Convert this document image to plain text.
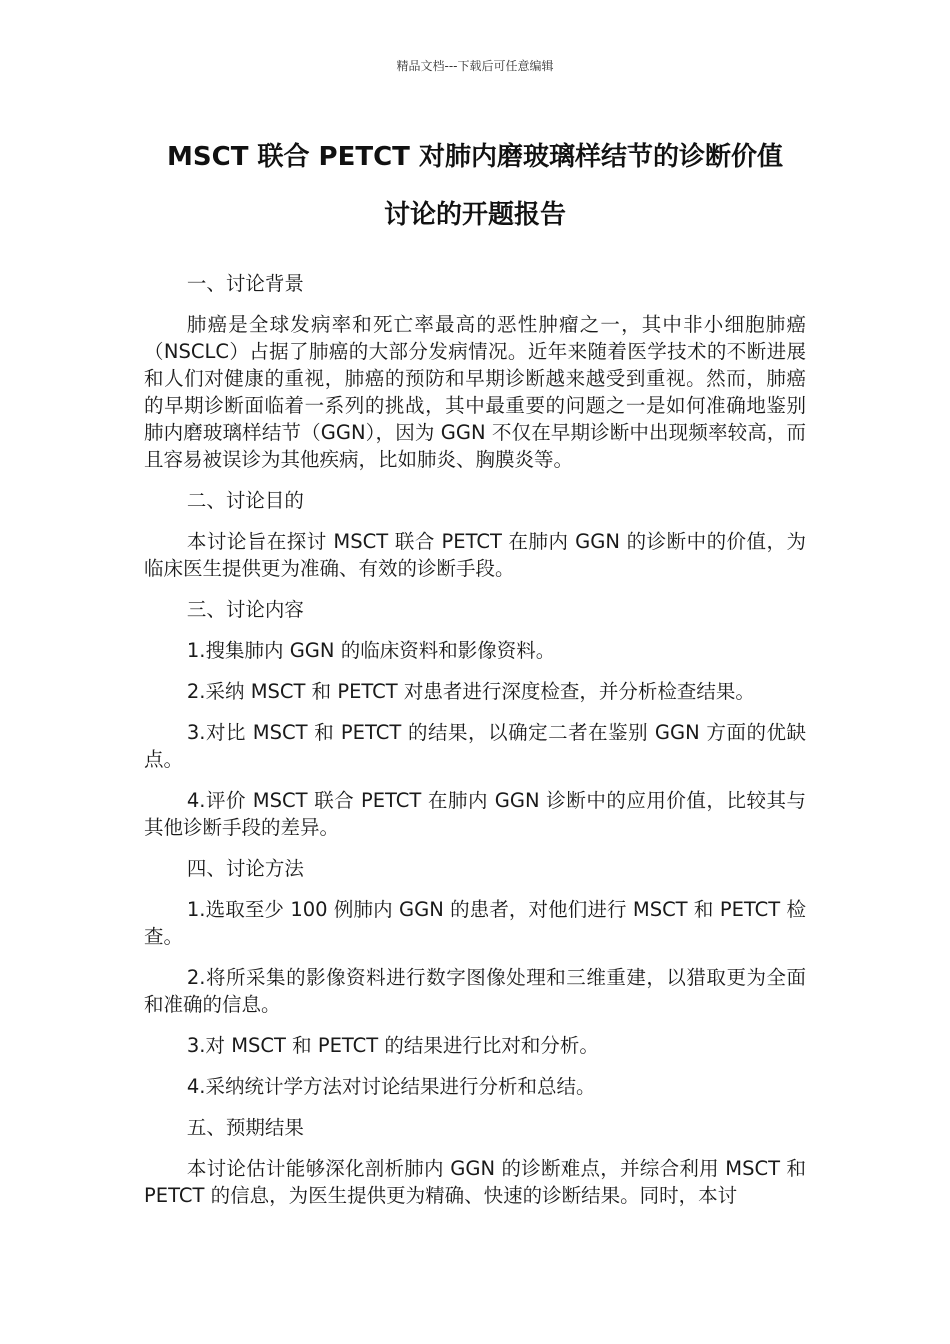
精品文档---下载后可任意编辑
MSCT 联合 PETCT 对肺内磨玻璃样结节的诊断价值
讨论的开题报告
一、讨论背景

肺癌是全球发病率和死亡率最高的恶性肿瘤之一，其中非小细胞肺癌（NSCLC）占据了肺癌的大部分发病情况。近年来随着医学技术的不断进展和人们对健康的重视，肺癌的预防和早期诊断越来越受到重视。然而，肺癌的早期诊断面临着一系列的挑战，其中最重要的问题之一是如何准确地鉴别肺内磨玻璃样结节（GGN），因为 GGN 不仅在早期诊断中出现频率较高，而且容易被误诊为其他疾病，比如肺炎、胸膜炎等。

二、讨论目的

本讨论旨在探讨 MSCT 联合 PETCT 在肺内 GGN 的诊断中的价值，为临床医生提供更为准确、有效的诊断手段。

三、讨论内容

1.搜集肺内 GGN 的临床资料和影像资料。

2.采纳 MSCT 和 PETCT 对患者进行深度检查，并分析检查结果。

3.对比 MSCT 和 PETCT 的结果，以确定二者在鉴别 GGN 方面的优缺点。

4.评价 MSCT 联合 PETCT 在肺内 GGN 诊断中的应用价值，比较其与其他诊断手段的差异。

四、讨论方法

1.选取至少 100 例肺内 GGN 的患者，对他们进行 MSCT 和 PETCT 检查。

2.将所采集的影像资料进行数字图像处理和三维重建，以猎取更为全面和准确的信息。

3.对 MSCT 和 PETCT 的结果进行比对和分析。

4.采纳统计学方法对讨论结果进行分析和总结。

五、预期结果

本讨论估计能够深化剖析肺内 GGN 的诊断难点，并综合利用 MSCT 和 PETCT 的信息，为医生提供更为精确、快速的诊断结果。同时，本讨
